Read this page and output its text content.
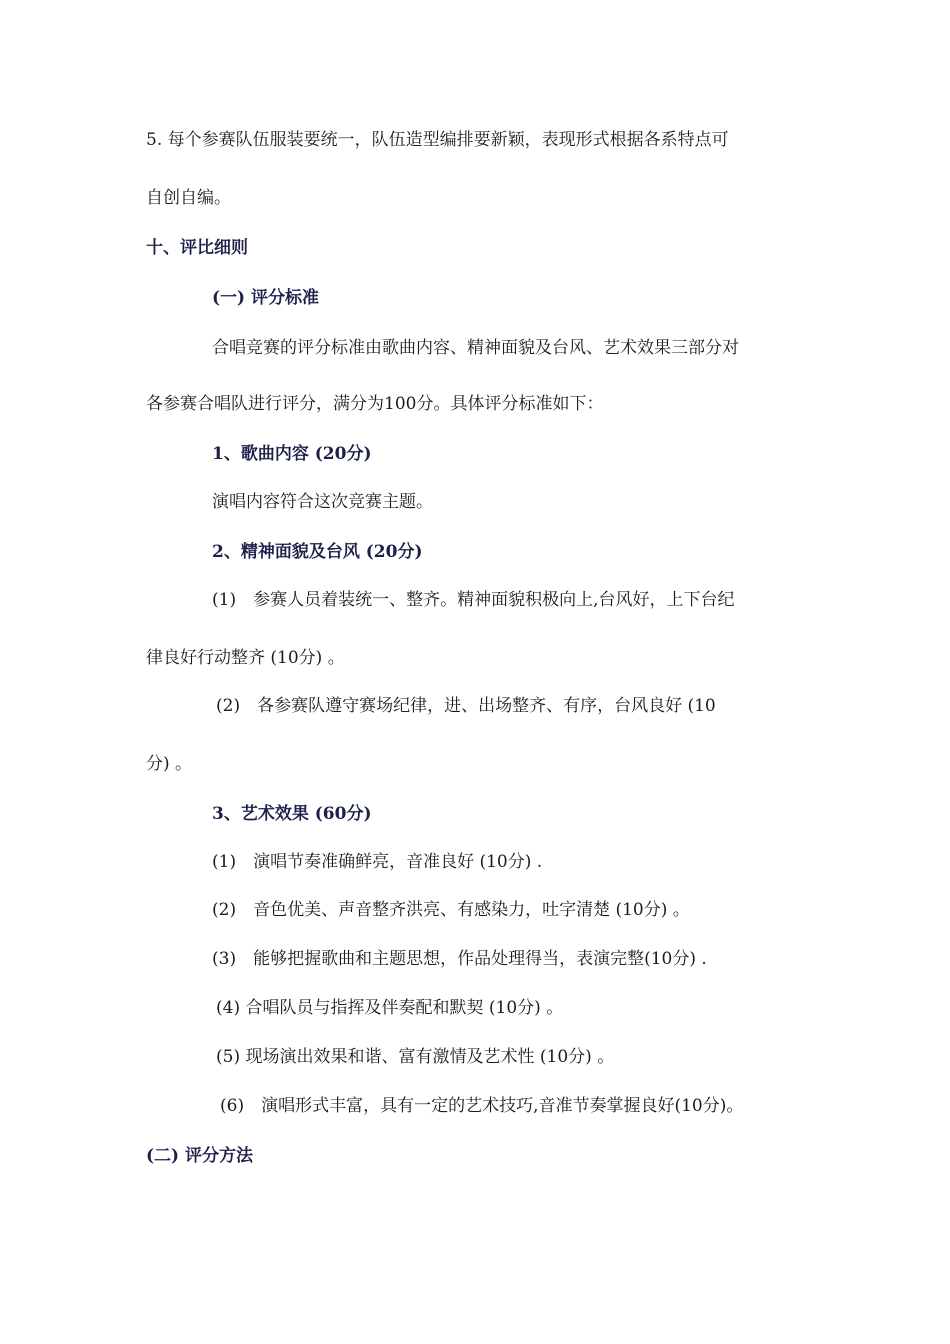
5. 每个参赛队伍服装要统一，队伍造型编排要新颖，表现形式根据各系特点可
自创自编。
十、评比细则
(一) 评分标准
合唱竞赛的评分标准由歌曲内容、精神面貌及台风、艺术效果三部分对
各参赛合唱队进行评分，满分为100分。具体评分标准如下：
1、歌曲内容 (20分)
演唱内容符合这次竞赛主题。
2、精神面貌及台风 (20分)
(1)　参赛人员着装统一、整齐。精神面貌积极向上,台风好，上下台纪
律良好行动整齐 (10分) 。
(2)　各参赛队遵守赛场纪律，进、出场整齐、有序，台风良好 (10
分) 。
3、艺术效果 (60分)
(1)　演唱节奏准确鲜亮，音准良好 (10分) .
(2)　音色优美、声音整齐洪亮、有感染力，吐字清楚 (10分) 。
(3)　能够把握歌曲和主题思想，作品处理得当，表演完整(10分) .
(4) 合唱队员与指挥及伴奏配和默契 (10分) 。
(5) 现场演出效果和谐、富有激情及艺术性 (10分) 。
(6)　演唱形式丰富，具有一定的艺术技巧,音准节奏掌握良好(10分)。
(二) 评分方法
